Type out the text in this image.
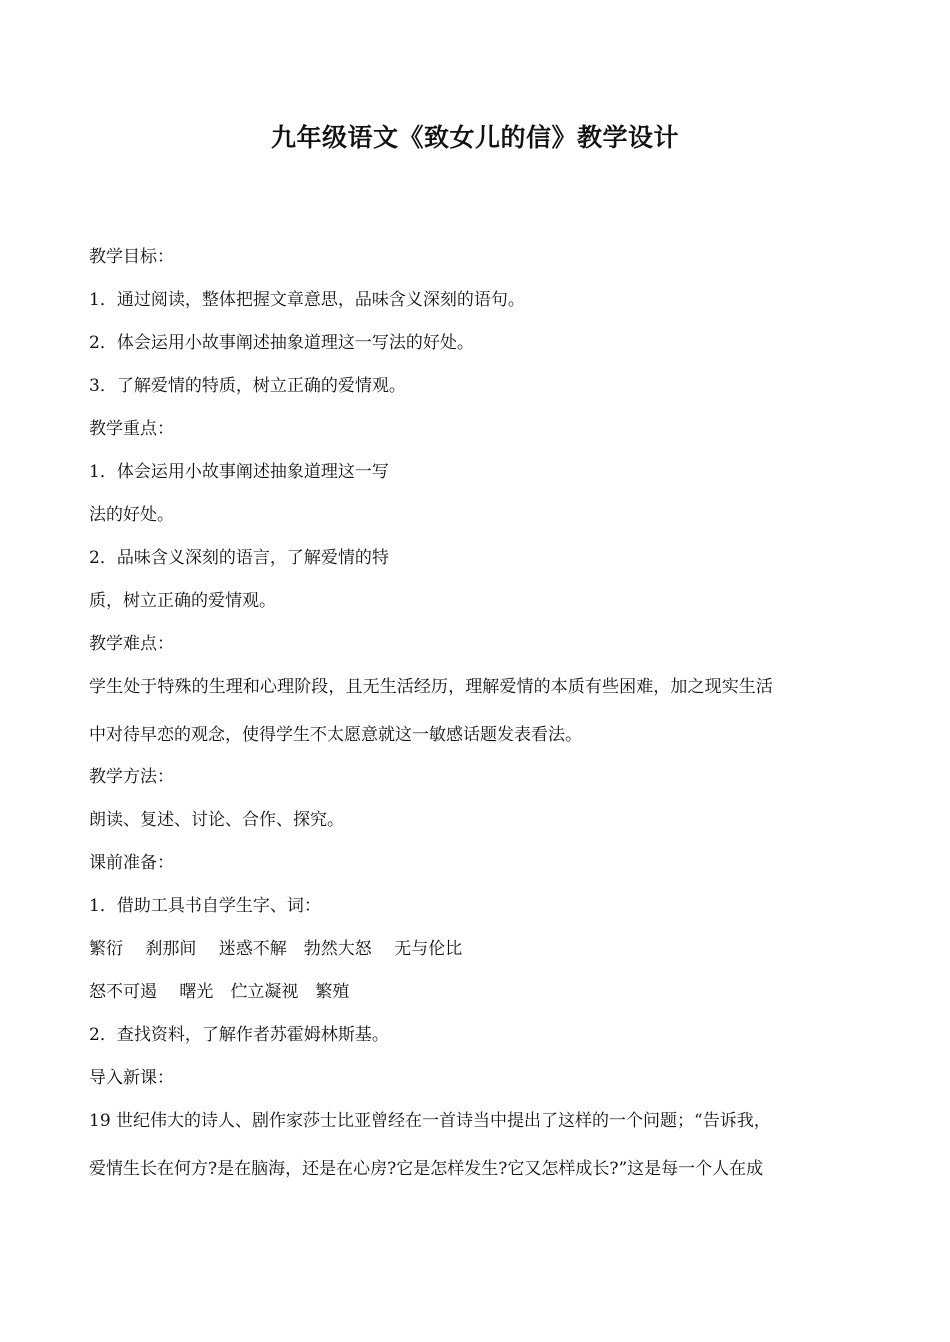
九年级语文《致女儿的信》教学设计
教学目标：
1．通过阅读，整体把握文章意思，品味含义深刻的语句。
2．体会运用小故事阐述抽象道理这一写法的好处。
3．了解爱情的特质，树立正确的爱情观。
教学重点：
1．体会运用小故事阐述抽象道理这一写
法的好处。
2．品味含义深刻的语言，了解爱情的特
质，树立正确的爱情观。
教学难点：
学生处于特殊的生理和心理阶段，且无生活经历，理解爱情的本质有些困难，加之现实生活
中对待早恋的观念，使得学生不太愿意就这一敏感话题发表看法。
教学方法：
朗读、复述、讨论、合作、探究。
课前准备：
1．借助工具书自学生字、词：
繁衍　 刹那间　 迷惑不解　勃然大怒　 无与伦比
怒不可遏　 曙光　伫立凝视　繁殖
2．查找资料，了解作者苏霍姆林斯基。
导入新课：
19 世纪伟大的诗人、剧作家莎士比亚曾经在一首诗当中提出了这样的一个问题；“告诉我，
爱情生长在何方?是在脑海，还是在心房?它是怎样发生?它又怎样成长?”这是每一个人在成
